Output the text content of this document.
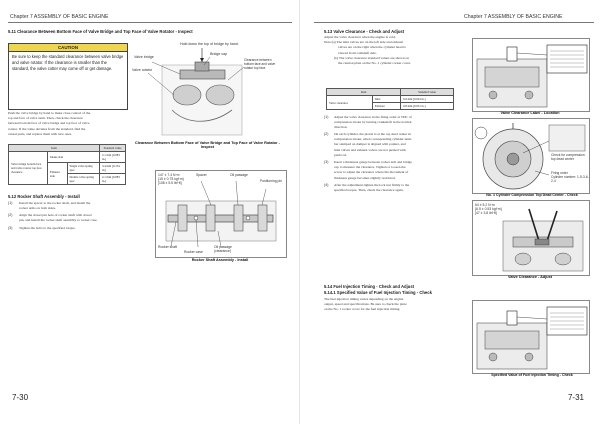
Chapter 7 ASSEMBLY OF BASIC ENGINE
5.11 Clearance Between Bottom Face of Valve Bridge and Top Face of Valve Rotator - Inspect
CAUTION
Be sure to keep the standard clearance between valve bridge and valve rotator. If the clearance is smaller than the standard, the valve cotter may come off or get damage.
Push the valve bridge by hand to make close contact of the
top and face of valve stem. Then, check the clearance
between bottom face of valve bridge and top face of valve
rotator. If the value deviates from the standard, find the
causal parts, and replace them with new ones.
Hold down the top of bridge by hand.
Valve bridge
Bridge cap
Valve rotator
Clearance between bottom face and valve rotator top face
Clearance Between Bottom Face of Valve Bridge and Top Face of Valve Rotator - Inspect
Item			Standard value
Valve bridge bottom face and valve rotator top face clearance	Intake side		2.1 mm [0.083 in.]
	Exhaust side	Single valve spring spec	3.4 mm [0.134 in.]
		Double valve spring spec	2.1 mm [0.083 in.]
5.12 Rocker Shaft Assembly - Install
(1) Install the spacer to the rocker shaft, and install the
rocker arms on both sides.
(2) Align the dowel pin hole of rocker shaft with dowel
pin, and install the rocker shaft assembly to rocker case.
(3) Tighten the bolts to the specified torque.
147 ± 7.4 N·m
{15 ± 0.75 kgf·m}
[108 ± 5.5 lbf·ft]
Spacer	Oil passage
Positioning pin
Rocker shaft
Rocker case
Oil passage (clearance)
Rocker Shaft Assembly - Install
7-30
Chapter 7 ASSEMBLY OF BASIC ENGINE
5.13 Valve Clearance - Check and Adjust
Adjust the valve clearance when the engine is cold.
Note:(a) The inlet valves are on the left side and exhaust
valves are on the right when the cylinder head is
viewed from camshaft side.
(b) The valve clearance standard values are shown on
the caution plate on the No. 1 cylinder rocker cover.
Item		Standard value
Valve clearance	Inlet	0.6 mm [0.024 in.]
	Exhaust	0.8 mm [0.031 in.]
(1) Adjust the valve clearance in the firing order at TDC of
compression stroke by turning crankshaft in the normal
direction.
(2) On each cylinder, the piston is at the top dead center in
compression stroke, when corresponding cylinder num-
ber stamped on damper is aligned with pointer, and
inlet valves and exhaust valves are not pushed with
push rod.
(3) Insert a thickness gauge between rocker arm and bridge
cap to measure the clearance. Tighten or loosen the
screw to adjust the clearance where the movement of
thickness gauge becomes slightly restricted.
(4) After the adjustment tighten the lock nut firmly to the
specified torque. Then, check the clearance again.
Valve Clearance Label - Location
Check for compression top dead center
Firing order
Cylinder number: 1-5-3-6-2-4
No. 1 Cylinder Compression Top Dead Center - Check
64 ± 5.2 N·m
{6.5 ± 0.53 kgf·m}
[47 ± 3.8 lbf·ft]
Valve Clearance - Adjust
5.14 Fuel Injection Timing - Check and Adjust
5.14.1 Specified Value of Fuel Injection Timing - Check
The fuel injection timing varies depending on the engine
output, speed and specifications. Be sure to check the plate
on the No. 1 rocker cover for the fuel injection timing.
Specified Value of Fuel Injection Timing - Check
7-31
